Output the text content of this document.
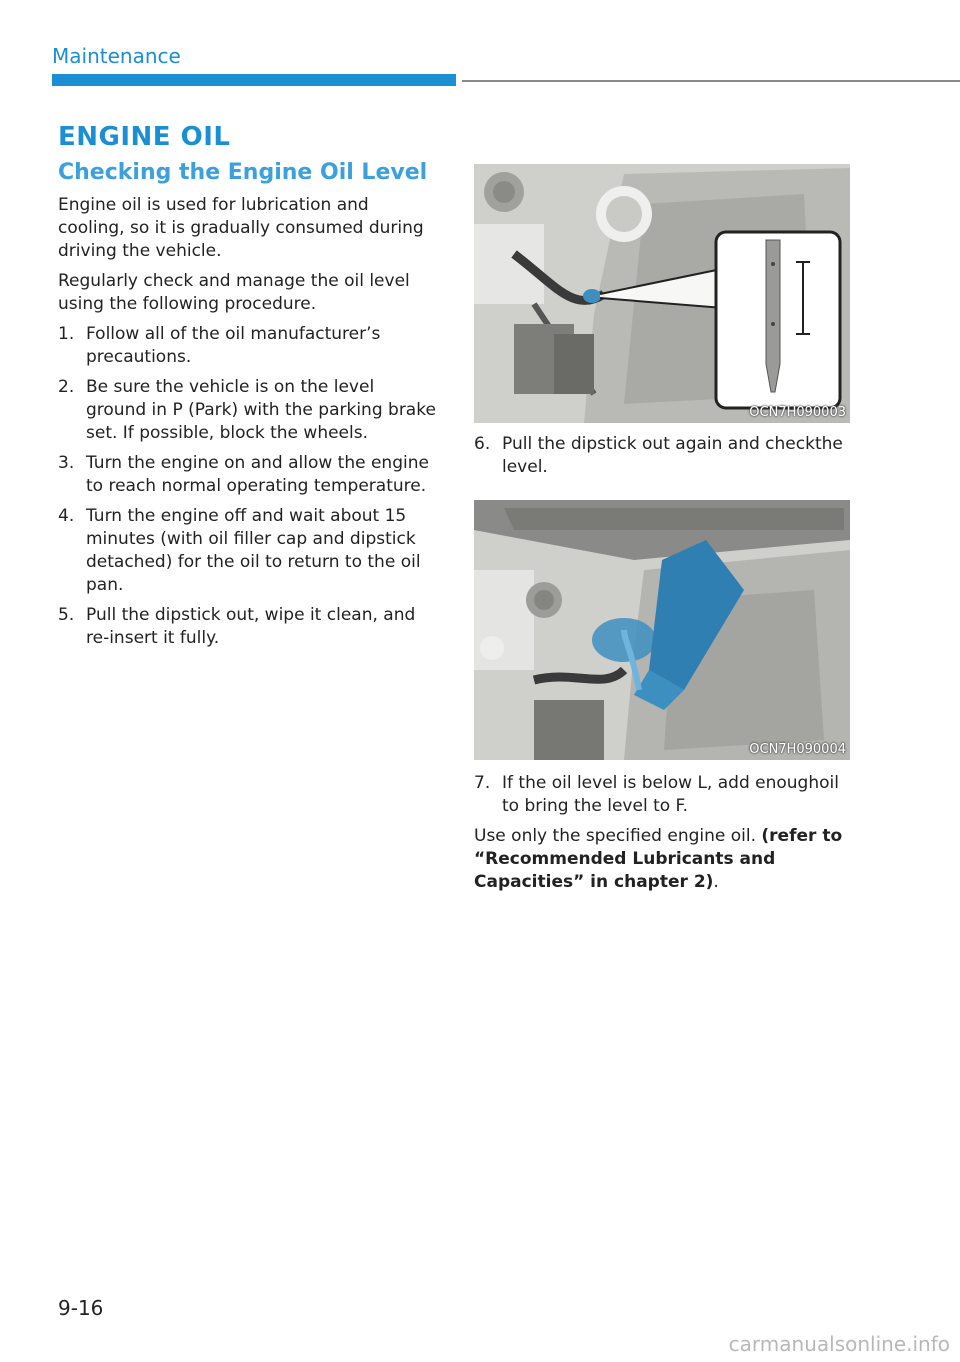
Maintenance
ENGINE OIL
Checking the Engine Oil Level

Engine oil is used for lubrication and cooling, so it is gradually consumed during driving the vehicle.

Regularly check and manage the oil level using the following procedure.

1. Follow all of the oil manufacturer’s precautions.
2. Be sure the vehicle is on the level ground in P (Park) with the parking brake set. If possible, block the wheels.
3. Turn the engine on and allow the engine to reach normal operating temperature.
4. Turn the engine off and wait about 15 minutes (with oil filler cap and dipstick detached) for the oil to return to the oil pan.
5. Pull the dipstick out, wipe it clean, and re-insert it fully.
OCN7H090003
6. Pull the dipstick out again and checkthe level.
OCN7H090004
7. If the oil level is below L, add enoughoil to bring the level to F.

Use only the specified engine oil. (refer to “Recommended Lubricants and Capacities” in chapter 2).

9-16
carmanualsonline.info
